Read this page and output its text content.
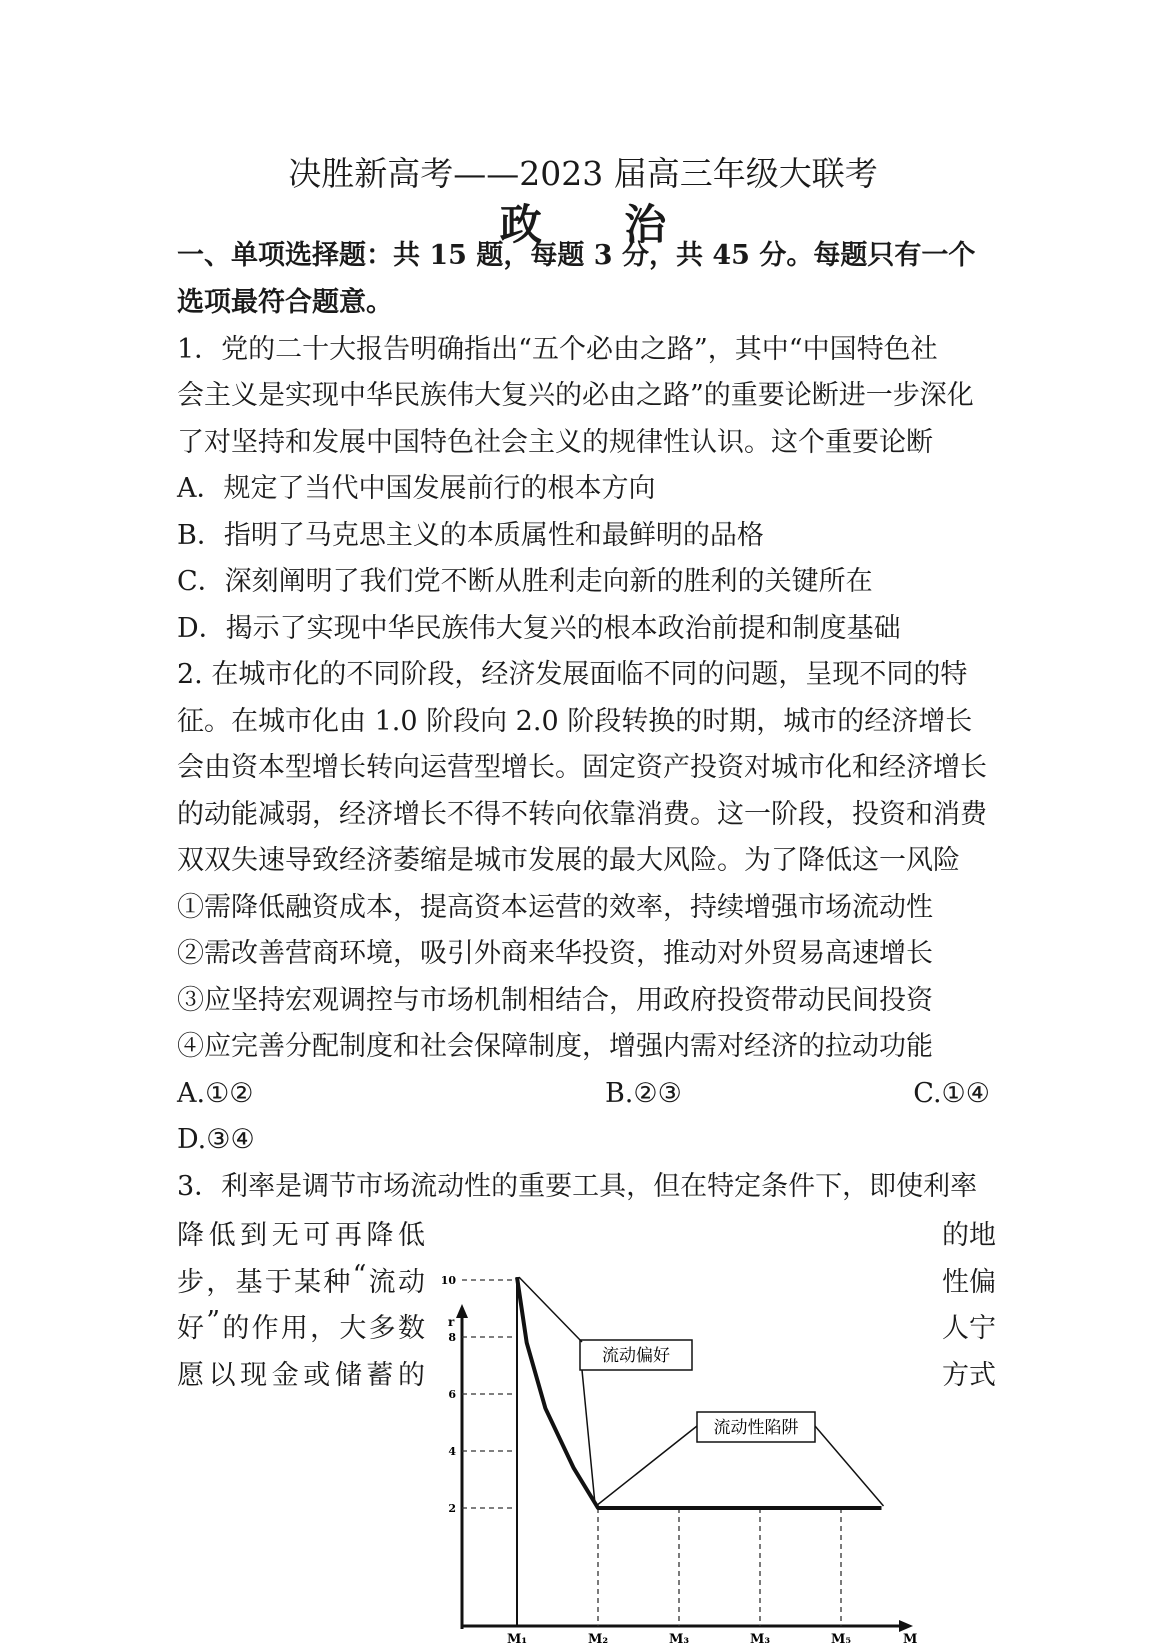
决胜新高考——2023 届高三年级大联考
政 治
一、单项选择题：共 15 题，每题 3 分，共 45 分。每题只有一个
选项最符合题意。
1．党的二十大报告明确指出“五个必由之路”，其中“中国特色社
会主义是实现中华民族伟大复兴的必由之路”的重要论断进一步深化
了对坚持和发展中国特色社会主义的规律性认识。这个重要论断
A．规定了当代中国发展前行的根本方向
B．指明了马克思主义的本质属性和最鲜明的品格
C．深刻阐明了我们党不断从胜利走向新的胜利的关键所在
D．揭示了实现中华民族伟大复兴的根本政治前提和制度基础
2. 在城市化的不同阶段，经济发展面临不同的问题，呈现不同的特
征。在城市化由 1.0 阶段向 2.0 阶段转换的时期，城市的经济增长
会由资本型增长转向运营型增长。固定资产投资对城市化和经济增长
的动能减弱，经济增长不得不转向依靠消费。这一阶段，投资和消费
双双失速导致经济萎缩是城市发展的最大风险。为了降低这一风险
①需降低融资成本，提高资本运营的效率，持续增强市场流动性
②需改善营商环境，吸引外商来华投资，推动对外贸易高速增长
③应坚持宏观调控与市场机制相结合，用政府投资带动民间投资
④应完善分配制度和社会保障制度，增强内需对经济的拉动功能
A.①②	B.②③	C.①④
D.③④
3．利率是调节市场流动性的重要工具，但在特定条件下，即使利率
降 低 到 无 可 再 降 低
步 ， 基 于 某 种 “ 流 动
好 ” 的 作 用 ， 大 多 数
愿 以 现 金 或 储 蓄 的
的地
性偏
人宁
方式
r
10
8
6
4
2
M₁	M₂	M₃	M₃	M₅	M
流动偏好
流动性陷阱
